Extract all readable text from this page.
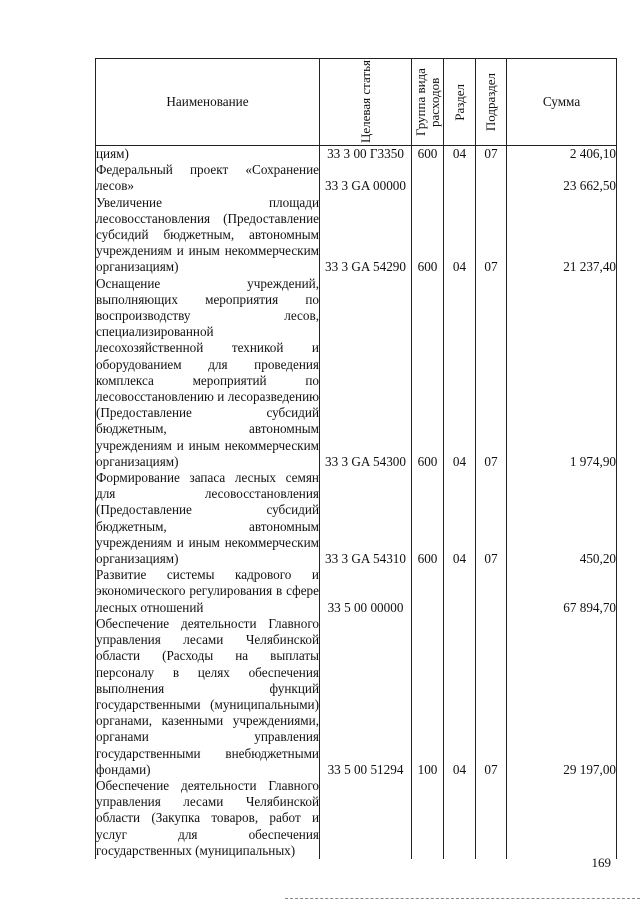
Наименование	Целевая статья	Группа вида расходов	Раздел	Подраздел	Сумма
циям)	33 3 00 Г3350	600	04	07	2 406,10
Федеральный проект «Сохранение лесов»	33 3 GA 00000				23 662,50
Увеличение площади лесовосстановления (Предоставление субсидий бюджетным, автономным учреждениям и иным некоммерческим организациям)	33 3 GA 54290	600	04	07	21 237,40
Оснащение учреждений, выполняющих мероприятия по воспроизводству лесов, специализированной лесохозяйственной техникой и оборудованием для проведения комплекса мероприятий по лесовосстановлению и лесоразведению (Предоставление субсидий бюджетным, автономным учреждениям и иным некоммерческим организациям)	33 3 GA 54300	600	04	07	1 974,90
Формирование запаса лесных семян для лесовосстановления (Предоставление субсидий бюджетным, автономным учреждениям и иным некоммерческим организациям)	33 3 GA 54310	600	04	07	450,20
Развитие системы кадрового и экономического регулирования в сфере лесных отношений	33 5 00 00000				67 894,70
Обеспечение деятельности Главного управления лесами Челябинской области (Расходы на выплаты персоналу в целях обеспечения выполнения функций государственными (муниципальными) органами, казенными учреждениями, органами управления государственными внебюджетными фондами)	33 5 00 51294	100	04	07	29 197,00
Обеспечение деятельности Главного управления лесами Челябинской области (Закупка товаров, работ и услуг для обеспечения государственных (муниципальных)					
169
